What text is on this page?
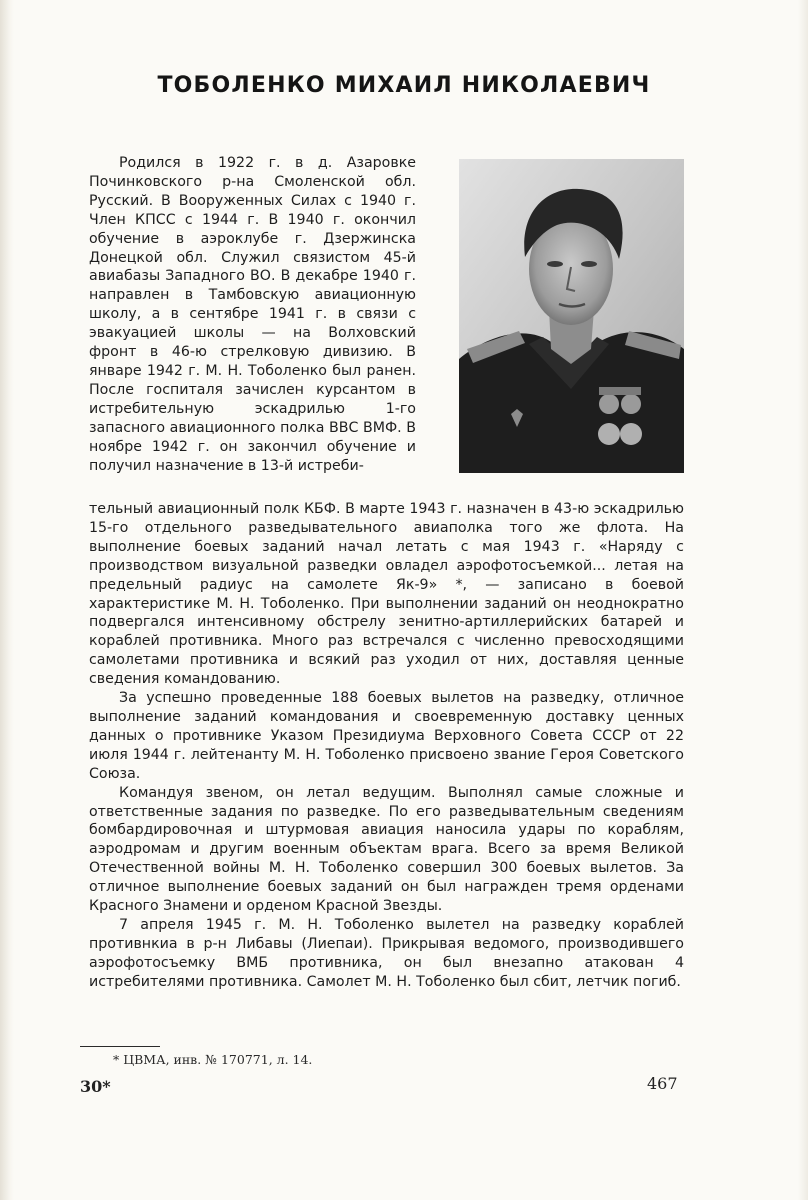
ТОБОЛЕНКО МИХАИЛ НИКОЛАЕВИЧ

Родился в 1922 г. в д. Азаровке Починковского р-на Смоленской обл. Русский. В Вооруженных Силах с 1940 г. Член КПСС с 1944 г. В 1940 г. окончил обучение в аэроклубе г. Дзержинска Донецкой обл. Служил связистом 45-й авиабазы Западного ВО. В декабре 1940 г. направлен в Тамбовскую авиационную школу, а в сентябре 1941 г. в связи с эвакуацией школы — на Волховский фронт в 46-ю стрелковую дивизию. В январе 1942 г. М. Н. Тоболенко был ранен. После госпиталя зачислен курсантом в истребительную эскадрилью 1-го запасного авиационного полка ВВС ВМФ. В ноябре 1942 г. он закончил обучение и получил назначение в 13-й истреби-

тельный авиационный полк КБФ. В марте 1943 г. назначен в 43-ю эскадрилью 15-го отдельного разведывательного авиаполка того же флота. На выполнение боевых заданий начал летать с мая 1943 г. «Наряду с производством визуальной разведки овладел аэрофотосъемкой... летая на предельный радиус на самолете Як-9» *, — записано в боевой характеристике М. Н. Тоболенко. При выполнении заданий он неоднократно подвергался интенсивному обстрелу зенитно-артиллерийских батарей и кораблей противника. Много раз встречался с численно превосходящими самолетами противника и всякий раз уходил от них, доставляя ценные сведения командованию.

За успешно проведенные 188 боевых вылетов на разведку, отличное выполнение заданий командования и своевременную доставку ценных данных о противнике Указом Президиума Верховного Совета СССР от 22 июля 1944 г. лейтенанту М. Н. Тоболенко присвоено звание Героя Советского Союза.

Командуя звеном, он летал ведущим. Выполнял самые сложные и ответственные задания по разведке. По его разведывательным сведениям бомбардировочная и штурмовая авиация наносила удары по кораблям, аэродромам и другим военным объектам врага. Всего за время Великой Отечественной войны М. Н. Тоболенко совершил 300 боевых вылетов. За отличное выполнение боевых заданий он был награжден тремя орденами Красного Знамени и орденом Красной Звезды.

7 апреля 1945 г. М. Н. Тоболенко вылетел на разведку кораблей противнкиа в р-н Либавы (Лиепаи). Прикрывая ведомого, производившего аэрофотосъемку ВМБ противника, он был внезапно атакован 4 истребителями противника. Самолет М. Н. Тоболенко был сбит, летчик погиб.

* ЦВМА, инв. № 170771, л. 14.
30*	467
